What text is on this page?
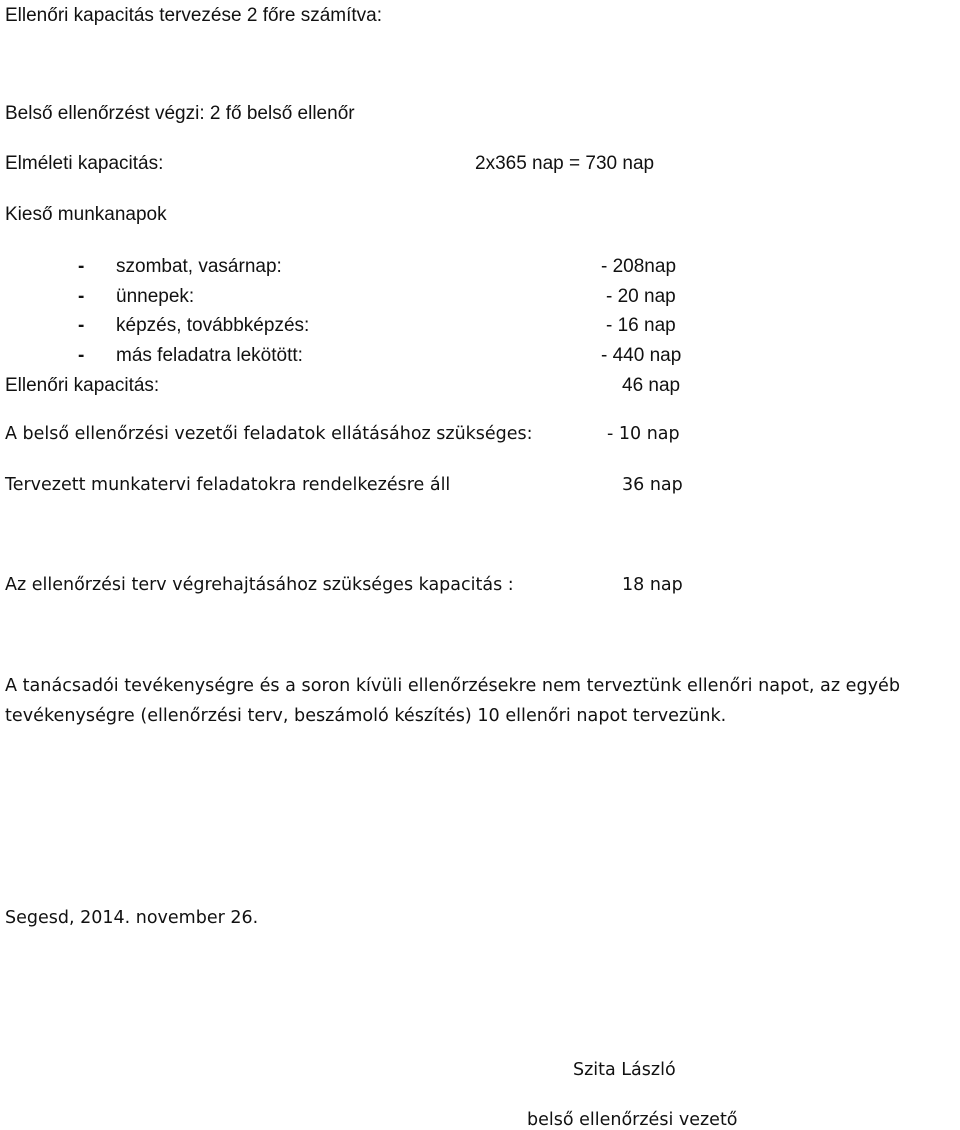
Ellenőri kapacitás tervezése 2 főre számítva:
Belső ellenőrzést végzi: 2 fő belső ellenőr
Elméleti kapacitás:	2x365 nap = 730 nap
Kieső munkanapok
- szombat, vasárnap:	- 208nap
- ünnepek:	- 20 nap
- képzés, továbbképzés:	- 16 nap
- más feladatra lekötött:	- 440 nap
Ellenőri kapacitás:	46 nap
A belső ellenőrzési vezetői feladatok ellátásához szükséges:	- 10 nap
Tervezett munkatervi feladatokra rendelkezésre áll	36 nap
Az ellenőrzési terv végrehajtásához szükséges kapacitás :	18 nap
A tanácsadói tevékenységre és a soron kívüli ellenőrzésekre nem terveztünk ellenőri napot, az egyéb
tevékenységre (ellenőrzési terv, beszámoló készítés) 10 ellenőri napot tervezünk.
Segesd, 2014. november 26.
Szita László
belső ellenőrzési vezető
